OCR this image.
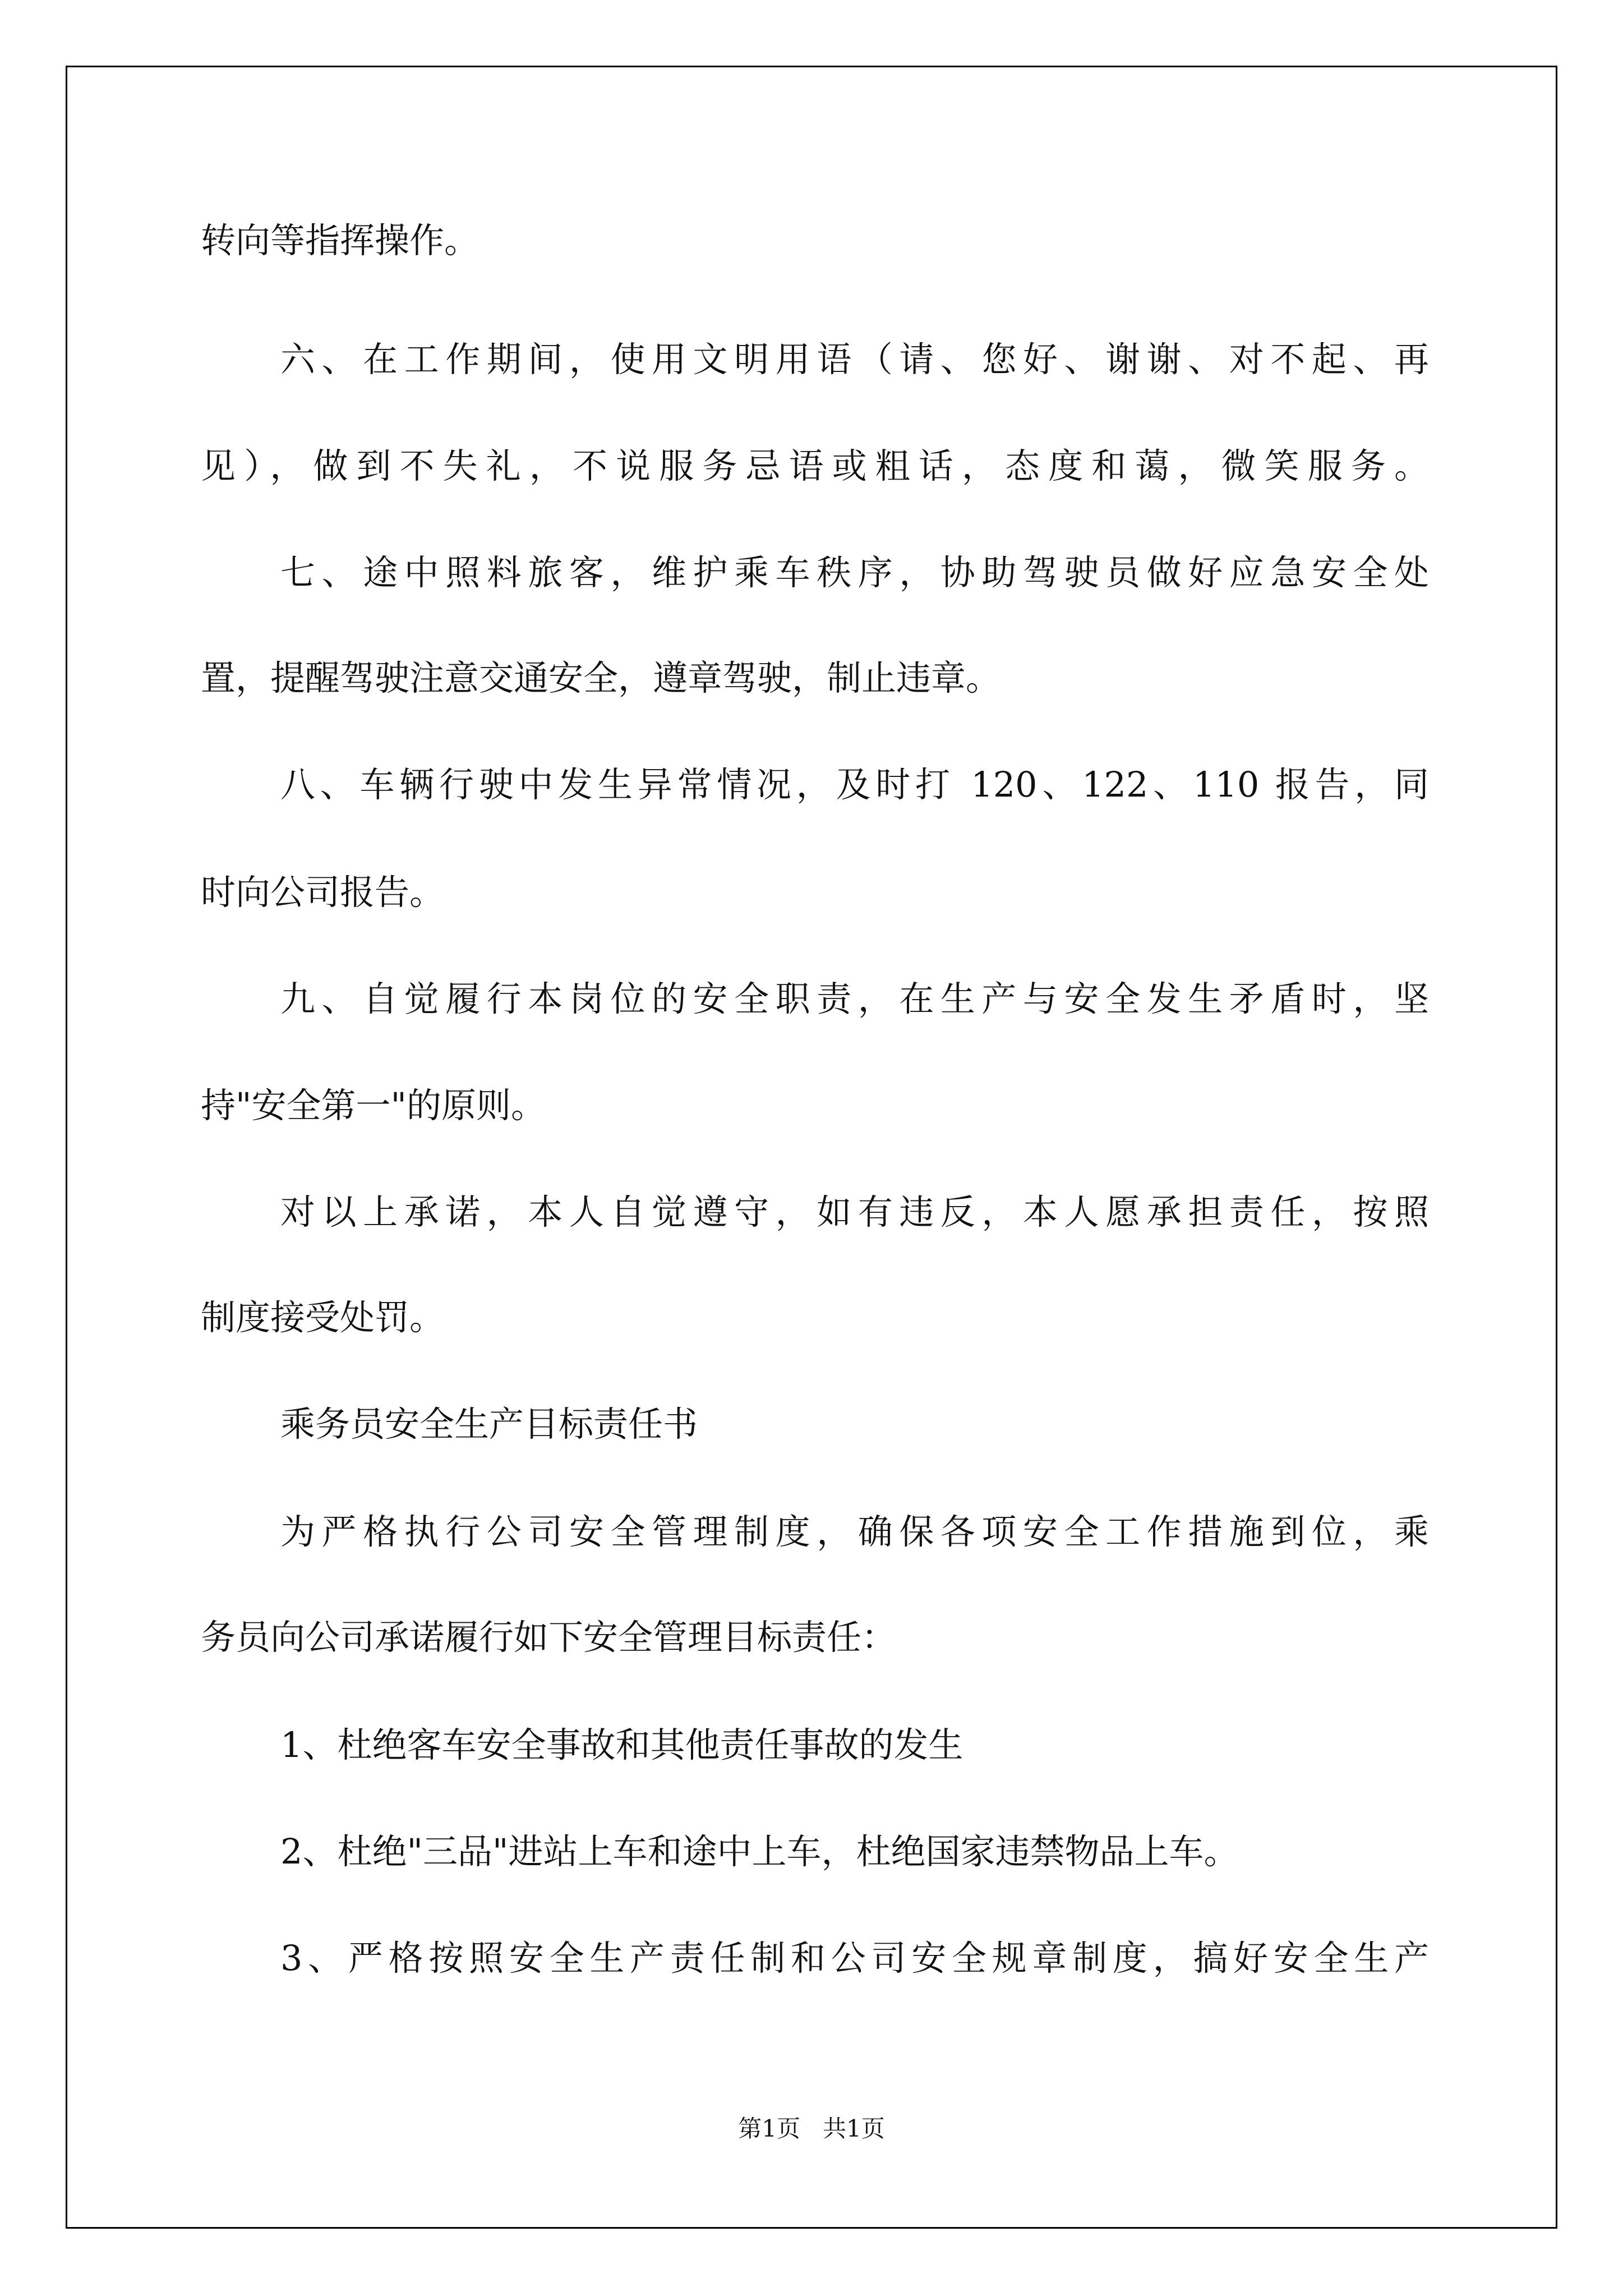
转向等指挥操作。
六、在工作期间，使用文明用语（请、您好、谢谢、对不起、再
见），做到不失礼，不说服务忌语或粗话，态度和蔼，微笑服务。
七、途中照料旅客，维护乘车秩序，协助驾驶员做好应急安全处
置，提醒驾驶注意交通安全，遵章驾驶，制止违章。
八、车辆行驶中发生异常情况，及时打 120、122、110 报告，同
时向公司报告。
九、自觉履行本岗位的安全职责，在生产与安全发生矛盾时，坚
持"安全第一"的原则。
对以上承诺，本人自觉遵守，如有违反，本人愿承担责任，按照
制度接受处罚。
乘务员安全生产目标责任书
为严格执行公司安全管理制度，确保各项安全工作措施到位，乘
务员向公司承诺履行如下安全管理目标责任：
1、杜绝客车安全事故和其他责任事故的发生
2、杜绝"三品"进站上车和途中上车，杜绝国家违禁物品上车。
3、严格按照安全生产责任制和公司安全规章制度，搞好安全生产
第1页   共1页
